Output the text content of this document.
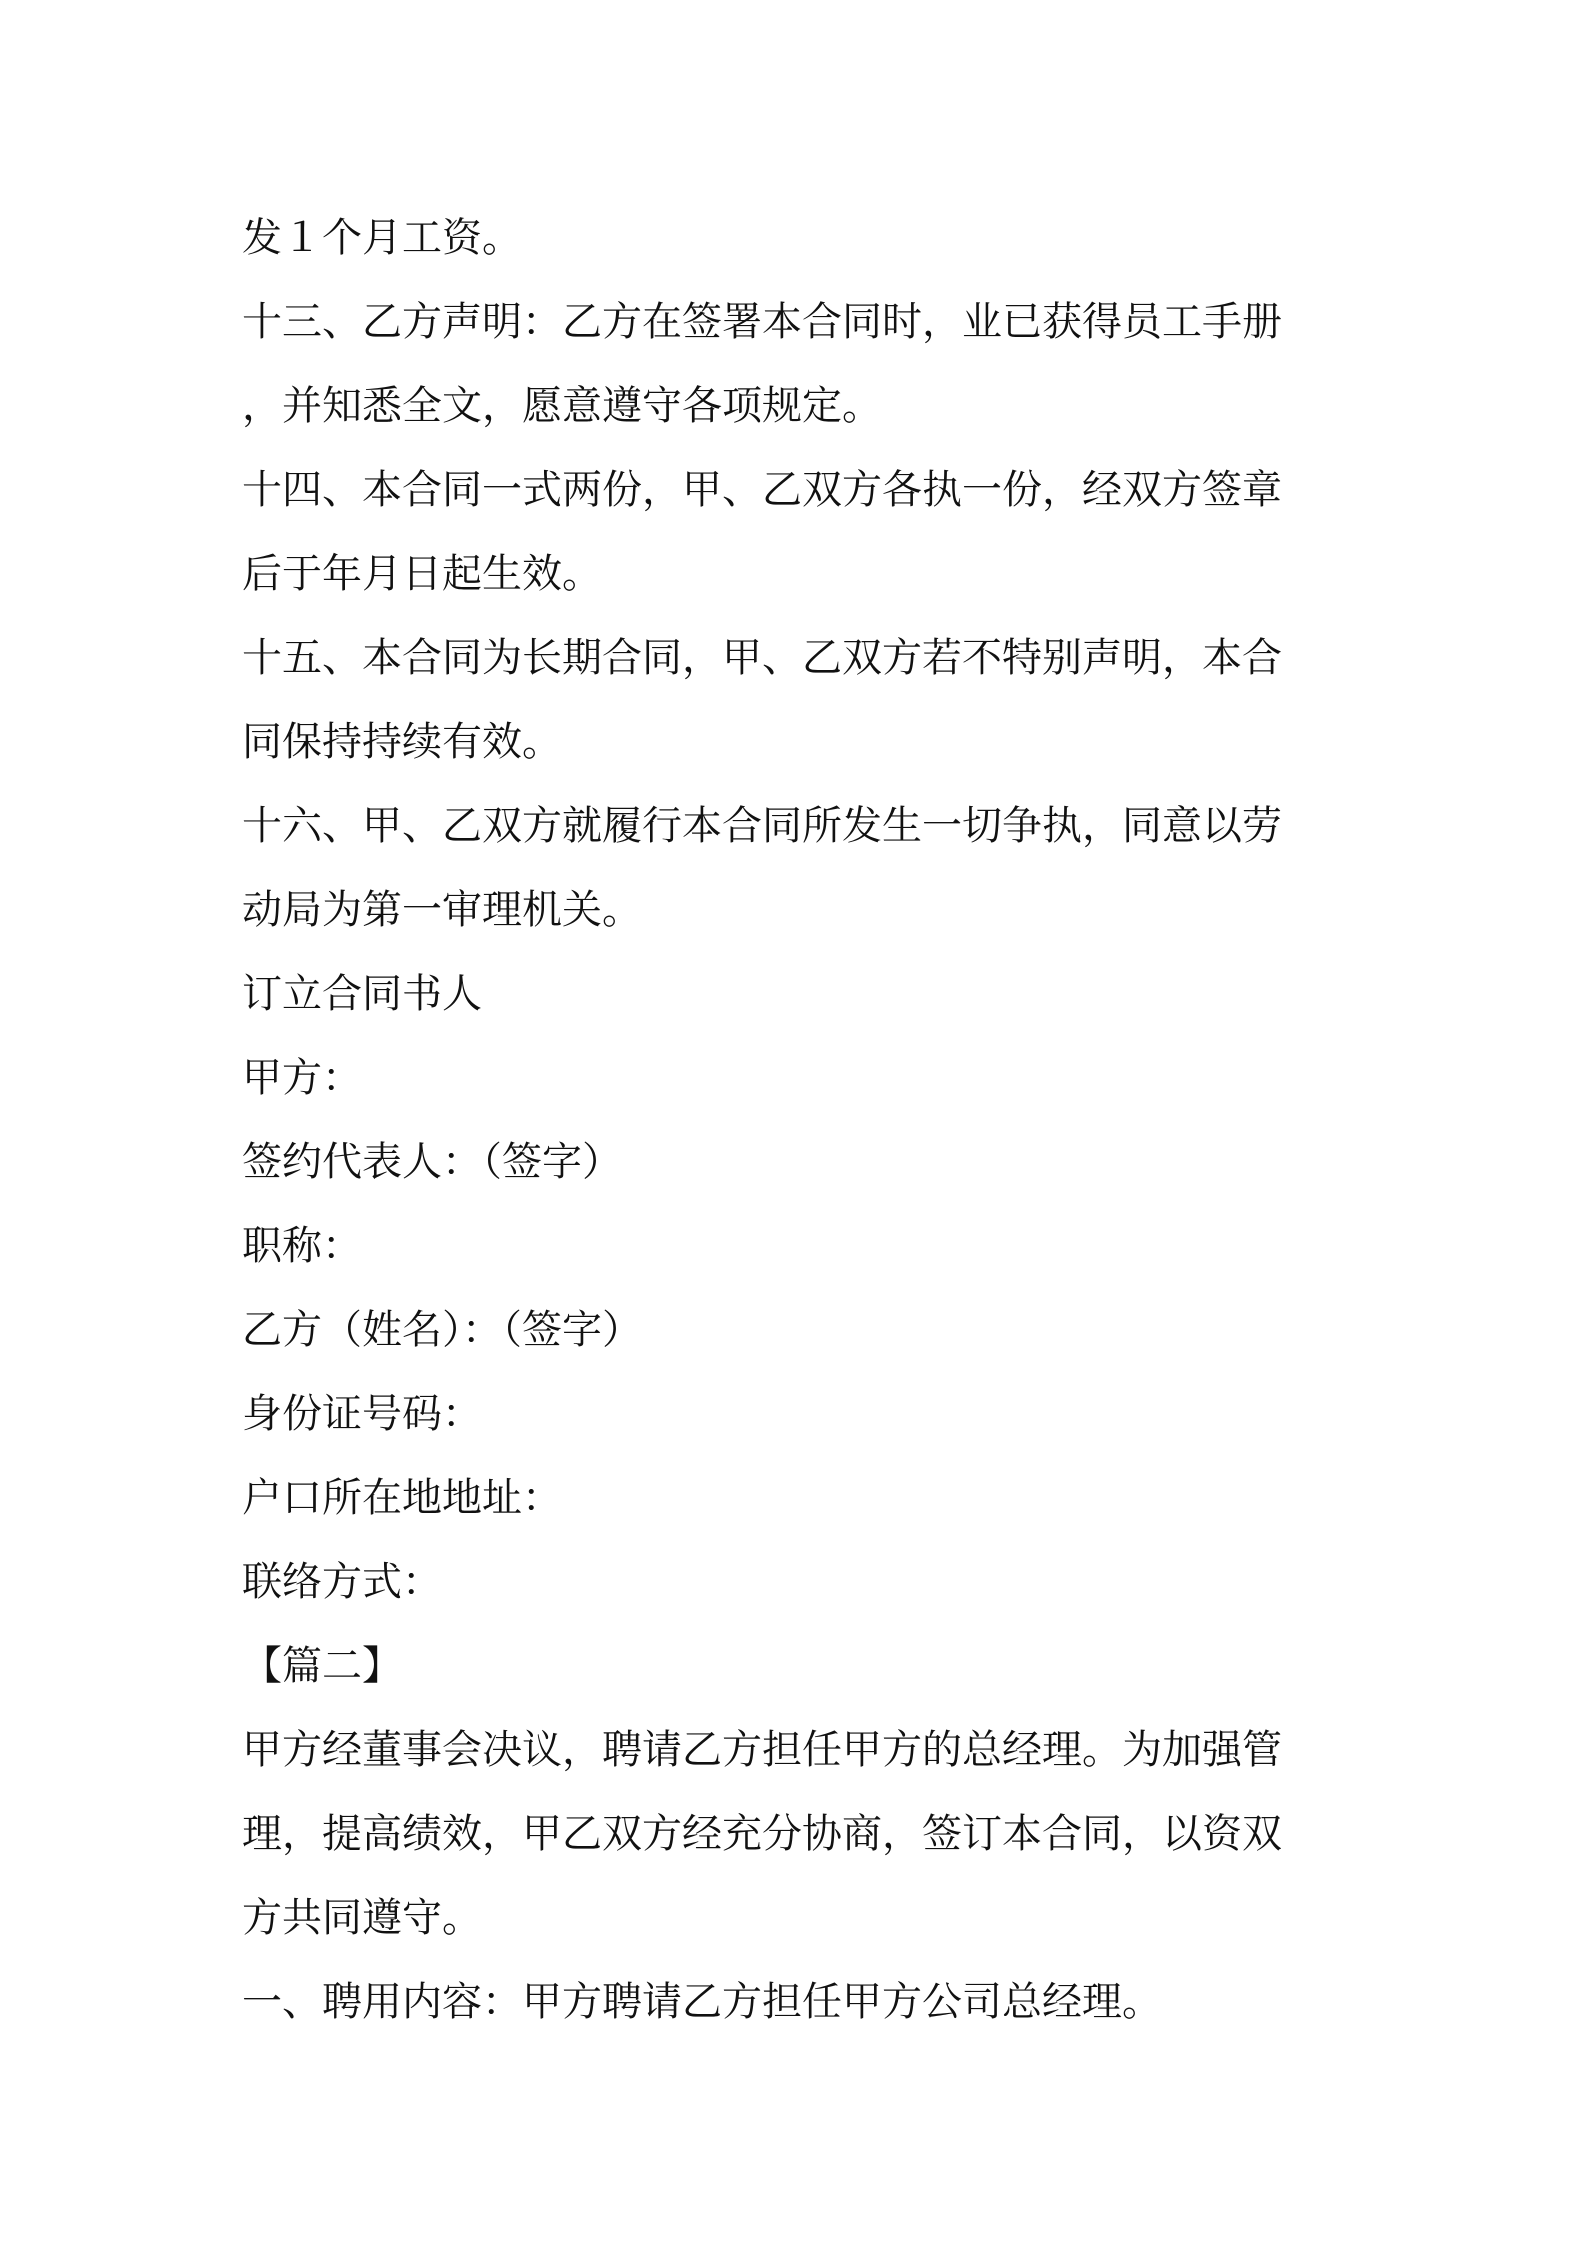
发１个月工资。

十三、乙方声明：乙方在签署本合同时，业已获得员工手册

，并知悉全文，愿意遵守各项规定。

十四、本合同一式两份，甲、乙双方各执一份，经双方签章

后于年月日起生效。

十五、本合同为长期合同，甲、乙双方若不特别声明，本合

同保持持续有效。

十六、甲、乙双方就履行本合同所发生一切争执，同意以劳

动局为第一审理机关。

订立合同书人

甲方：

签约代表人：（签字）

职称：

乙方（姓名）：（签字）

身份证号码：

户口所在地地址：

联络方式：

【篇二】

甲方经董事会决议，聘请乙方担任甲方的总经理。为加强管

理，提高绩效，甲乙双方经充分协商，签订本合同，以资双

方共同遵守。

一、聘用内容：甲方聘请乙方担任甲方公司总经理。
